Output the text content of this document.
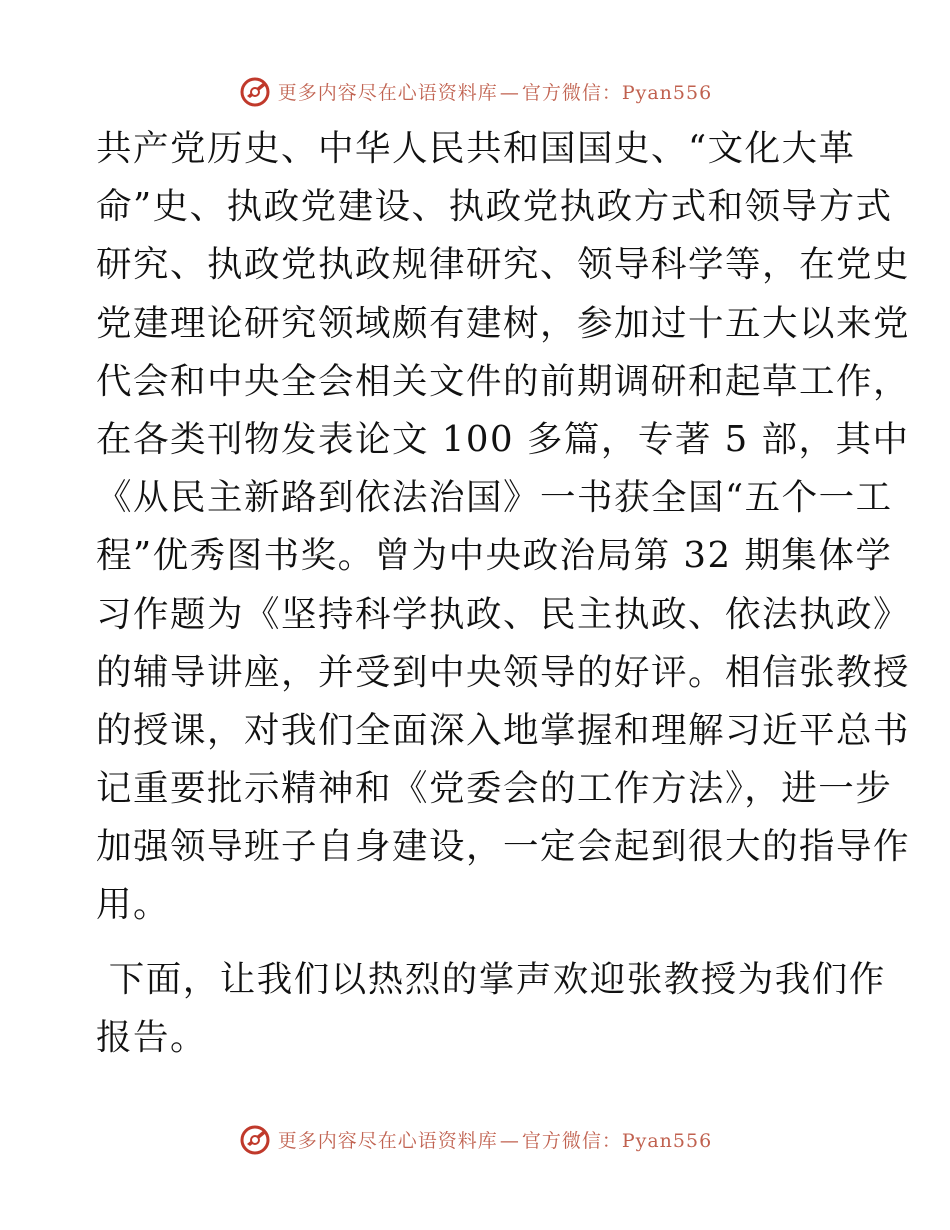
更多内容尽在心语资料库 — 官方微信：Pyan556
共产党历史、中华人民共和国国史、“文化大革
命”史、执政党建设、执政党执政方式和领导方式
研究、执政党执政规律研究、领导科学等，在党史
党建理论研究领域颇有建树，参加过十五大以来党
代会和中央全会相关文件的前期调研和起草工作，
在各类刊物发表论文 100 多篇，专著 5 部，其中
《从民主新路到依法治国》一书获全国“五个一工
程”优秀图书奖。曾为中央政治局第 32 期集体学
习作题为《坚持科学执政、民主执政、依法执政》
的辅导讲座，并受到中央领导的好评。相信张教授
的授课，对我们全面深入地掌握和理解习近平总书
记重要批示精神和《党委会的工作方法》，进一步
加强领导班子自身建设，一定会起到很大的指导作
用。
下面，让我们以热烈的掌声欢迎张教授为我们作
报告。
更多内容尽在心语资料库 — 官方微信：Pyan556
